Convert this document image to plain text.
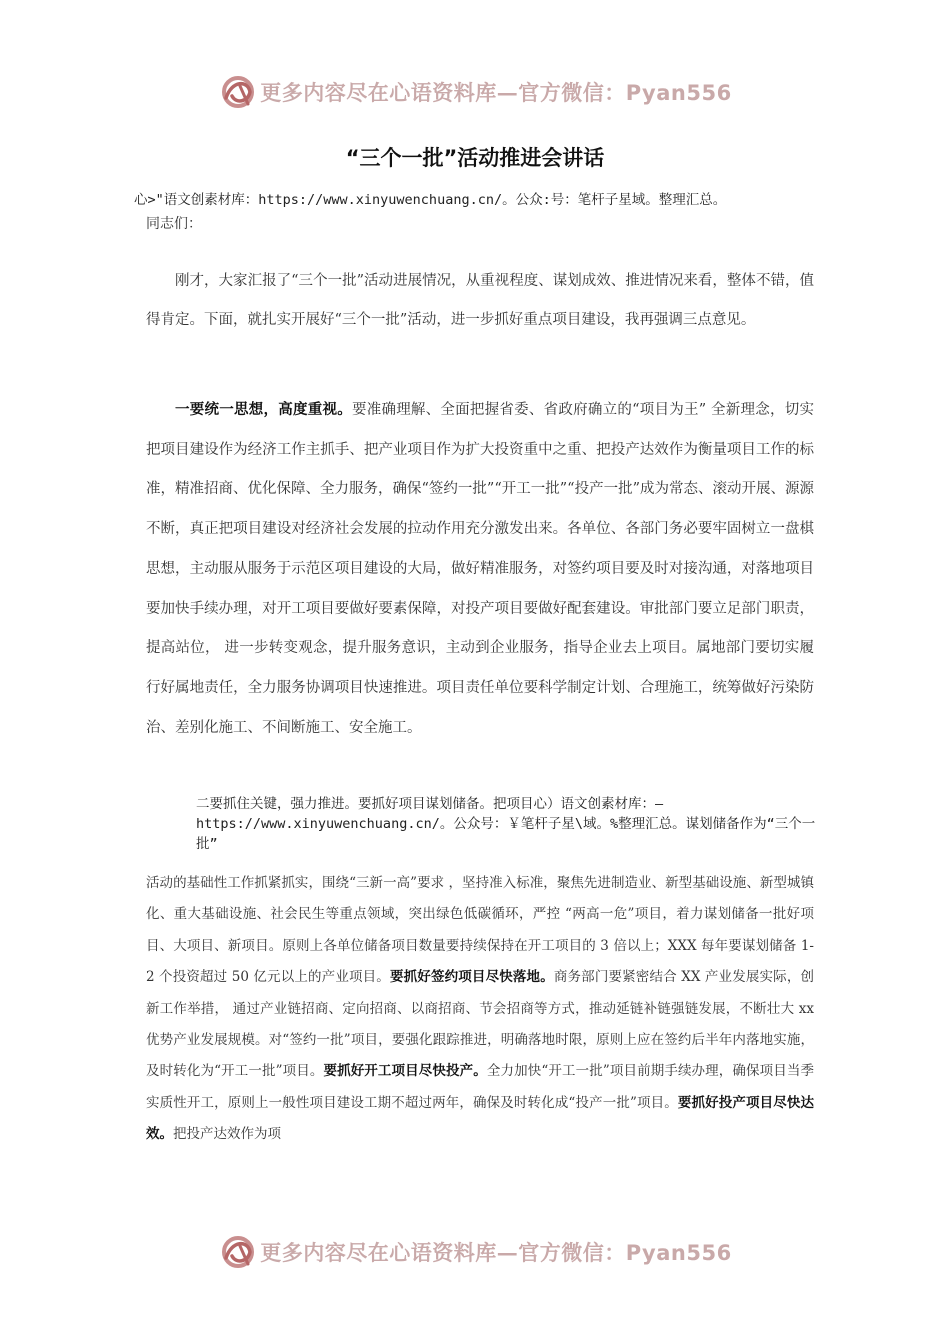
更多内容尽在心语资料库—官方微信：Pyan556
“三个一批”活动推进会讲话
心>"语文创素材库：https://www.xinyuwenchuang.cn/。公众:号：笔杆子星域。整理汇总。
同志们：

刚才，大家汇报了“三个一批”活动进展情况，从重视程度、谋划成效、推进情况来看，整体不错，值得肯定。下面，就扎实开展好“三个一批”活动，进一步抓好重点项目建设，我再强调三点意见。

一要统一思想，高度重视。要准确理解、全面把握省委、省政府确立的“项目为王” 全新理念，切实把项目建设作为经济工作主抓手、把产业项目作为扩大投资重中之重、把投产达效作为衡量项目工作的标准，精准招商、优化保障、全力服务，确保“签约一批”“开工一批”“投产一批”成为常态、滚动开展、源源不断，真正把项目建设对经济社会发展的拉动作用充分激发出来。各单位、各部门务必要牢固树立一盘棋思想，主动服从服务于示范区项目建设的大局，做好精准服务，对签约项目要及时对接沟通，对落地项目要加快手续办理，对开工项目要做好要素保障，对投产项目要做好配套建设。审批部门要立足部门职责，提高站位， 进一步转变观念，提升服务意识，主动到企业服务，指导企业去上项目。属地部门要切实履行好属地责任，全力服务协调项目快速推进。项目责任单位要科学制定计划、合理施工，统筹做好污染防治、差别化施工、不间断施工、安全施工。

二要抓住关键，强力推进。要抓好项目谋划储备。把项目心）语文创素材库：—https://www.xinyuwenchuang.cn/。公众号：￥笔杆子星\域。%整理汇总。谋划储备作为“三个一批”

活动的基础性工作抓紧抓实，围绕“三新一高”要求 ，坚持准入标准，聚焦先进制造业、新型基础设施、新型城镇化、重大基础设施、社会民生等重点领域，突出绿色低碳循环，严控 “两高一危”项目，着力谋划储备一批好项目、大项目、新项目。原则上各单位储备项目数量要持续保持在开工项目的 3 倍以上；XXX 每年要谋划储备 1-2 个投资超过 50 亿元以上的产业项目。要抓好签约项目尽快落地。商务部门要紧密结合 XX 产业发展实际，创新工作举措， 通过产业链招商、定向招商、以商招商、节会招商等方式，推动延链补链强链发展，不断壮大 xx 优势产业发展规模。对“签约一批”项目，要强化跟踪推进，明确落地时限，原则上应在签约后半年内落地实施，及时转化为“开工一批”项目。要抓好开工项目尽快投产。全力加快“开工一批”项目前期手续办理，确保项目当季实质性开工，原则上一般性项目建设工期不超过两年，确保及时转化成“投产一批”项目。要抓好投产项目尽快达效。把投产达效作为项

更多内容尽在心语资料库—官方微信：Pyan556
